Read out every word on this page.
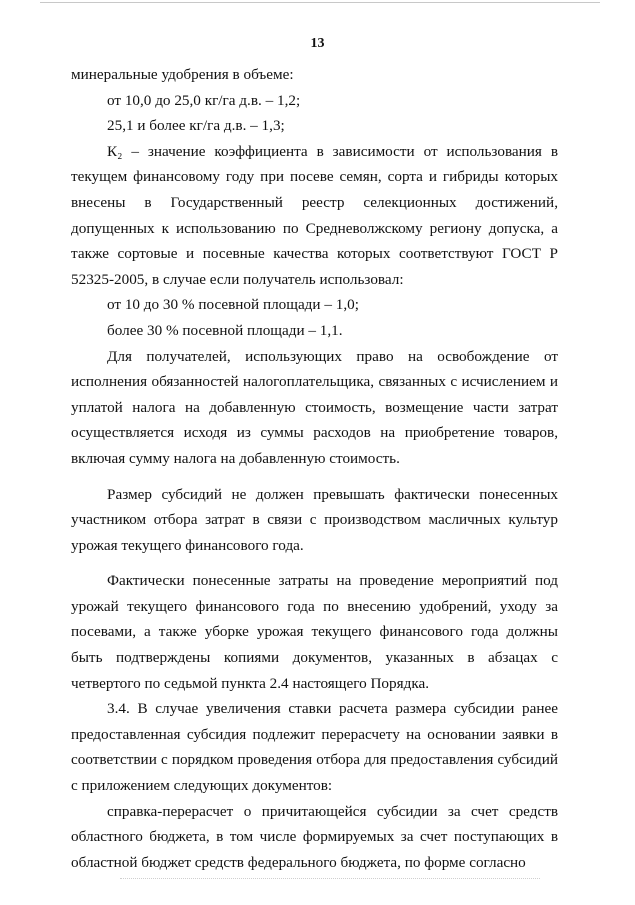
13

минеральные удобрения в объеме:

от 10,0 до 25,0 кг/га д.в. – 1,2;

25,1 и более кг/га д.в. – 1,3;

К₂ – значение коэффициента в зависимости от использования в текущем финансовому году при посеве семян, сорта и гибриды которых внесены в Государственный реестр селекционных достижений, допущенных к использованию по Средневолжскому региону допуска, а также сортовые и посевные качества которых соответствуют ГОСТ Р 52325-2005, в случае если получатель использовал:

от 10 до 30 % посевной площади – 1,0;

более 30 % посевной площади – 1,1.

Для получателей, использующих право на освобождение от исполнения обязанностей налогоплательщика, связанных с исчислением и уплатой налога на добавленную стоимость, возмещение части затрат осуществляется исходя из суммы расходов на приобретение товаров, включая сумму налога на добавленную стоимость.

Размер субсидий не должен превышать фактически понесенных участником отбора затрат в связи с производством масличных культур урожая текущего финансового года.

Фактически понесенные затраты на проведение мероприятий под урожай текущего финансового года по внесению удобрений, уходу за посевами, а также уборке урожая текущего финансового года должны быть подтверждены копиями документов, указанных в абзацах с четвертого по седьмой пункта 2.4 настоящего Порядка.

3.4. В случае увеличения ставки расчета размера субсидии ранее предоставленная субсидия подлежит перерасчету на основании заявки в соответствии с порядком проведения отбора для предоставления субсидий с приложением следующих документов:

справка-перерасчет о причитающейся субсидии за счет средств областного бюджета, в том числе формируемых за счет поступающих в областной бюджет средств федерального бюджета, по форме согласно
